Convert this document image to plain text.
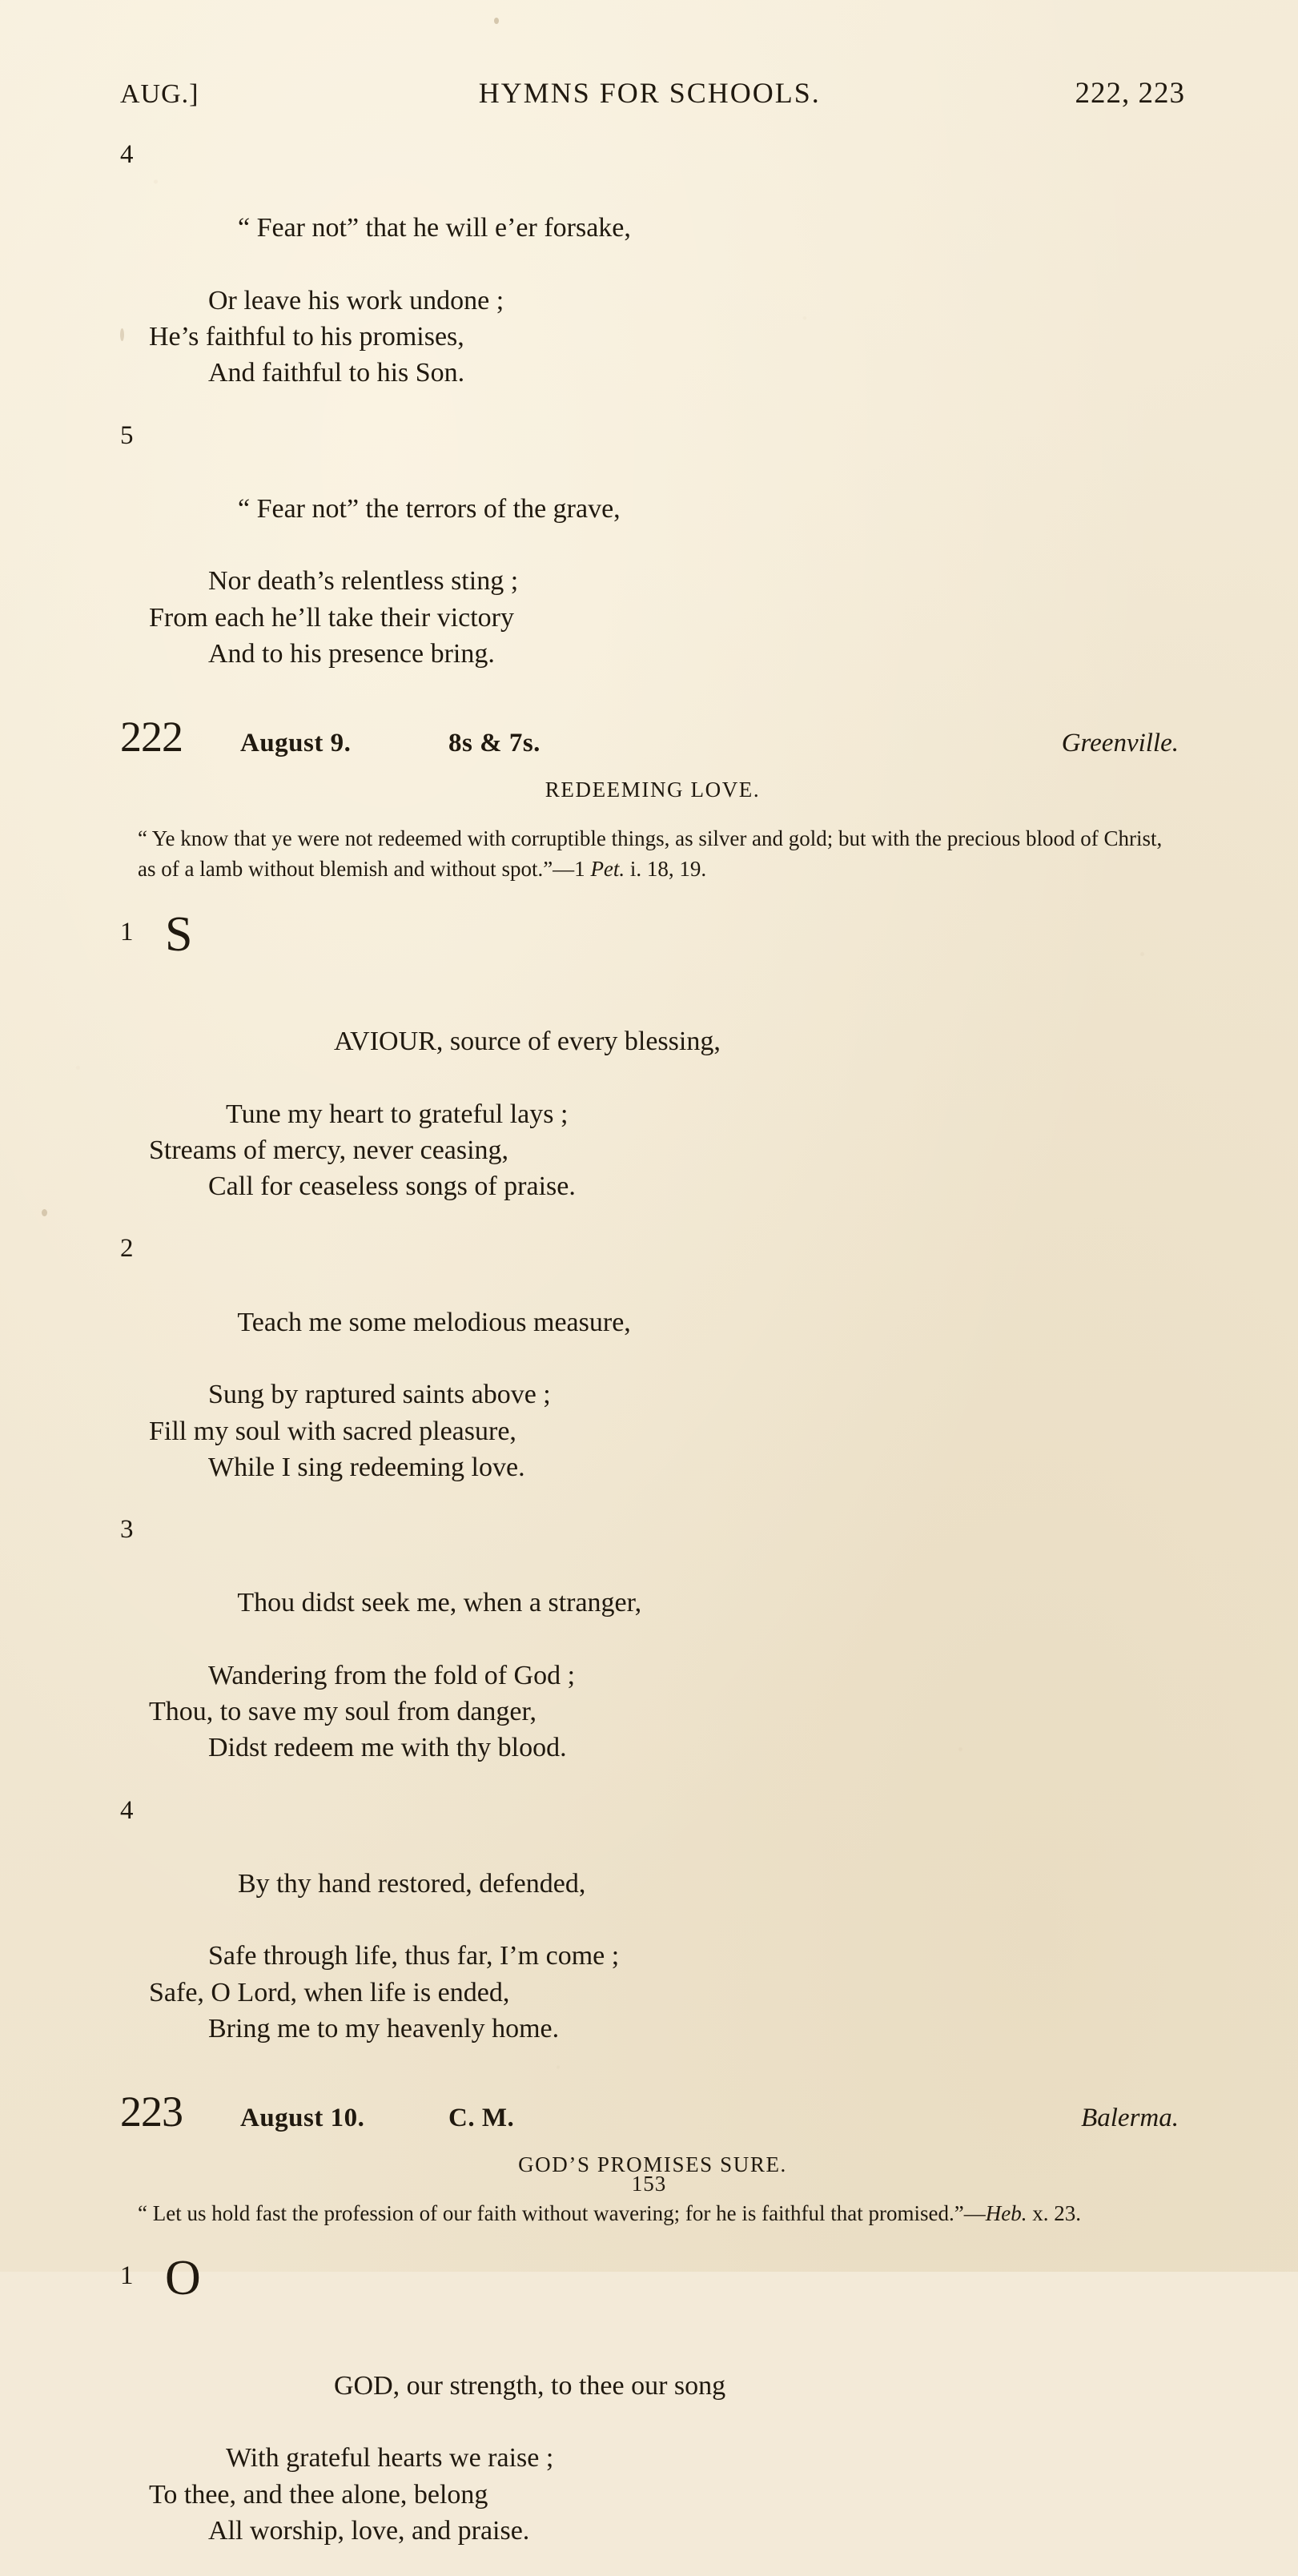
AUG.]	HYMNS FOR SCHOOLS.	222, 223

4

“ Fear not” that he will e’er forsake,

Or leave his work undone ;
He’s faithful to his promises,
And faithful to his Son.

5

“ Fear not” the terrors of the grave,

Nor death’s relentless sting ;
From each he’ll take their victory
And to his presence bring.
222	August 9.	8s & 7s.	Greenville.
REDEEMING LOVE.
“ Ye know that ye were not redeemed with corruptible things, as silver and gold; but with the precious blood of Christ, as of a lamb without blemish and without spot.”—1 Pet. i. 18, 19.

1

S

AVIOUR, source of every blessing,

Tune my heart to grateful lays ;
Streams of mercy, never ceasing,
Call for ceaseless songs of praise.

2

Teach me some melodious measure,

Sung by raptured saints above ;
Fill my soul with sacred pleasure,
While I sing redeeming love.

3

Thou didst seek me, when a stranger,

Wandering from the fold of God ;
Thou, to save my soul from danger,
Didst redeem me with thy blood.

4

By thy hand restored, defended,

Safe through life, thus far, I’m come ;
Safe, O Lord, when life is ended,
Bring me to my heavenly home.
223	August 10.	C. M.	Balerma.
GOD’S PROMISES SURE.
“ Let us hold fast the profession of our faith without wavering; for he is faithful that promised.”—Heb. x. 23.

1

O

GOD, our strength, to thee our song

With grateful hearts we raise ;
To thee, and thee alone, belong
All worship, love, and praise.
153
